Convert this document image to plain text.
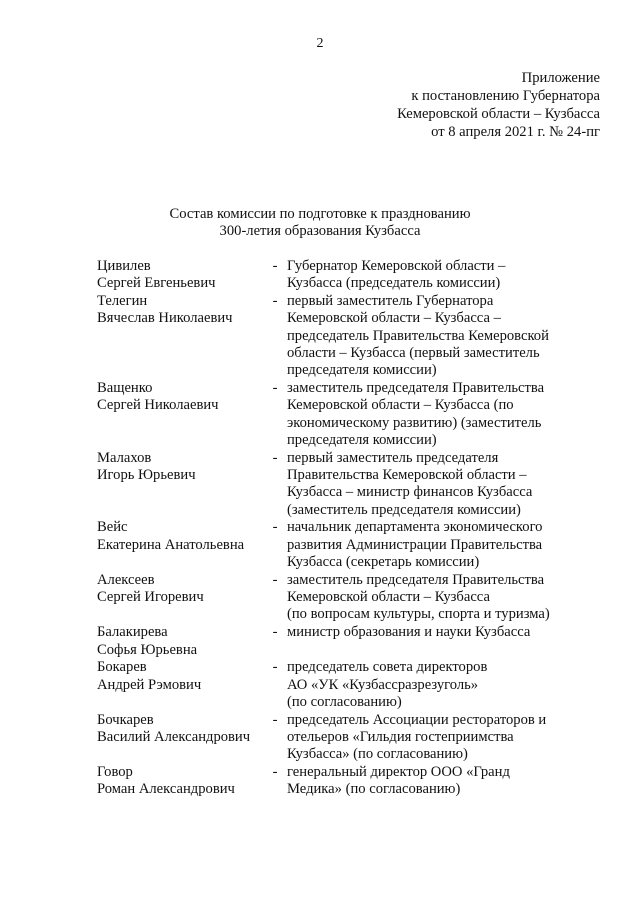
2
Приложение
к постановлению Губернатора
Кемеровской области – Кузбасса
от 8 апреля 2021 г. № 24-пг
Состав комиссии по подготовке к празднованию
300-летия образования Кузбасса
Цивилев
Сергей Евгеньевич
- Губернатор Кемеровской области –
Кузбасса (председатель комиссии)
Телегин
Вячеслав Николаевич
- первый заместитель Губернатора
Кемеровской области – Кузбасса –
председатель Правительства Кемеровской
области – Кузбасса (первый заместитель
председателя комиссии)
Ващенко
Сергей Николаевич
- заместитель председателя Правительства
Кемеровской области – Кузбасса (по
экономическому развитию) (заместитель
председателя комиссии)
Малахов
Игорь Юрьевич
- первый заместитель председателя
Правительства Кемеровской области –
Кузбасса – министр финансов Кузбасса
(заместитель председателя комиссии)
Вейс
Екатерина Анатольевна
- начальник департамента экономического
развития Администрации Правительства
Кузбасса (секретарь комиссии)
Алексеев
Сергей Игоревич
- заместитель председателя Правительства
Кемеровской области – Кузбасса
(по вопросам культуры, спорта и туризма)
Балакирева
Софья Юрьевна
- министр образования и науки Кузбасса
Бокарев
Андрей Рэмович
- председатель совета директоров
АО «УК «Кузбассразрезуголь»
(по согласованию)
Бочкарев
Василий Александрович
- председатель Ассоциации рестораторов и
отельеров «Гильдия гостеприимства
Кузбасса» (по согласованию)
Говор
Роман Александрович
- генеральный директор ООО «Гранд
Медика» (по согласованию)
